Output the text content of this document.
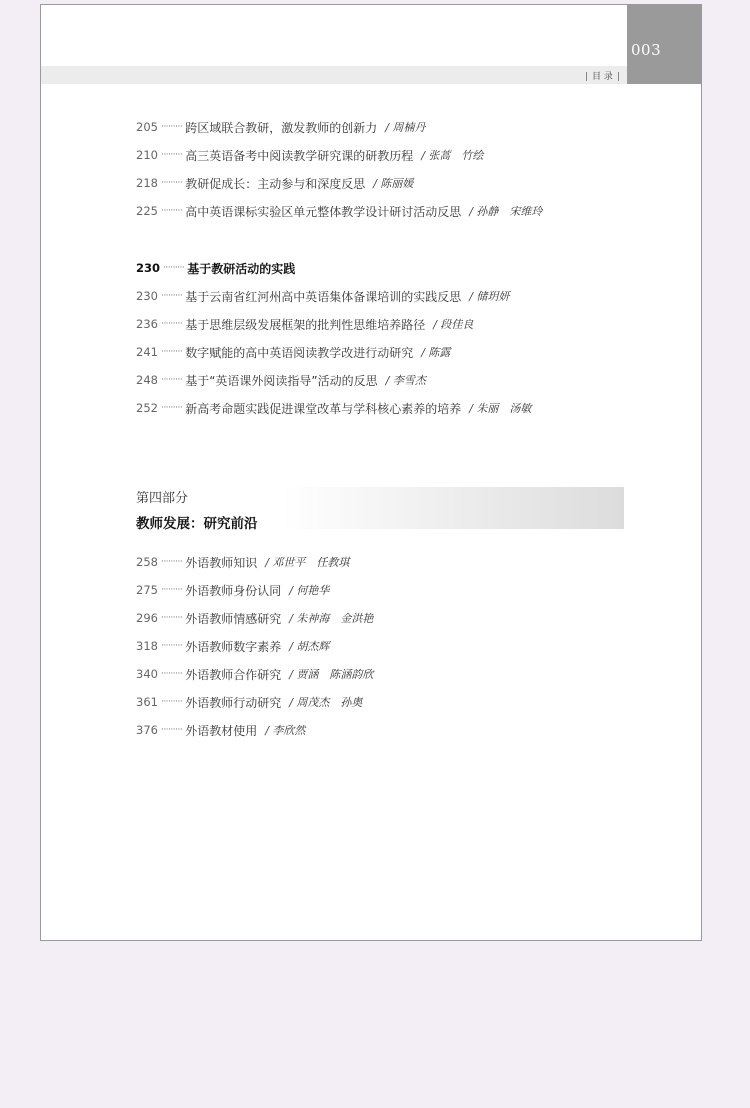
003
| 目 录 |
205 ········· 跨区域联合教研，激发教师的创新力 / 周楠丹
210 ········· 高三英语备考中阅读教学研究课的研教历程 / 张蒿　竹绘
218 ········· 教研促成长：主动参与和深度反思 / 陈丽媛
225 ········· 高中英语课标实验区单元整体教学设计研讨活动反思 / 孙静　宋维玲
230 ········· 基于教研活动的实践
230 ········· 基于云南省红河州高中英语集体备课培训的实践反思 / 储玥妍
236 ········· 基于思维层级发展框架的批判性思维培养路径 / 段佳良
241 ········· 数字赋能的高中英语阅读教学改进行动研究 / 陈露
248 ········· 基于“英语课外阅读指导”活动的反思 / 李雪杰
252 ········· 新高考命题实践促进课堂改革与学科核心素养的培养 / 朱丽　汤敏
第四部分
教师发展：研究前沿
258 ········· 外语教师知识 / 邓世平　任教琪
275 ········· 外语教师身份认同 / 何艳华
296 ········· 外语教师情感研究 / 朱神海　金洪艳
318 ········· 外语教师数字素养 / 胡杰辉
340 ········· 外语教师合作研究 / 贾涵　陈涵韵欣
361 ········· 外语教师行动研究 / 周茂杰　孙奥
376 ········· 外语教材使用 / 李欣然
